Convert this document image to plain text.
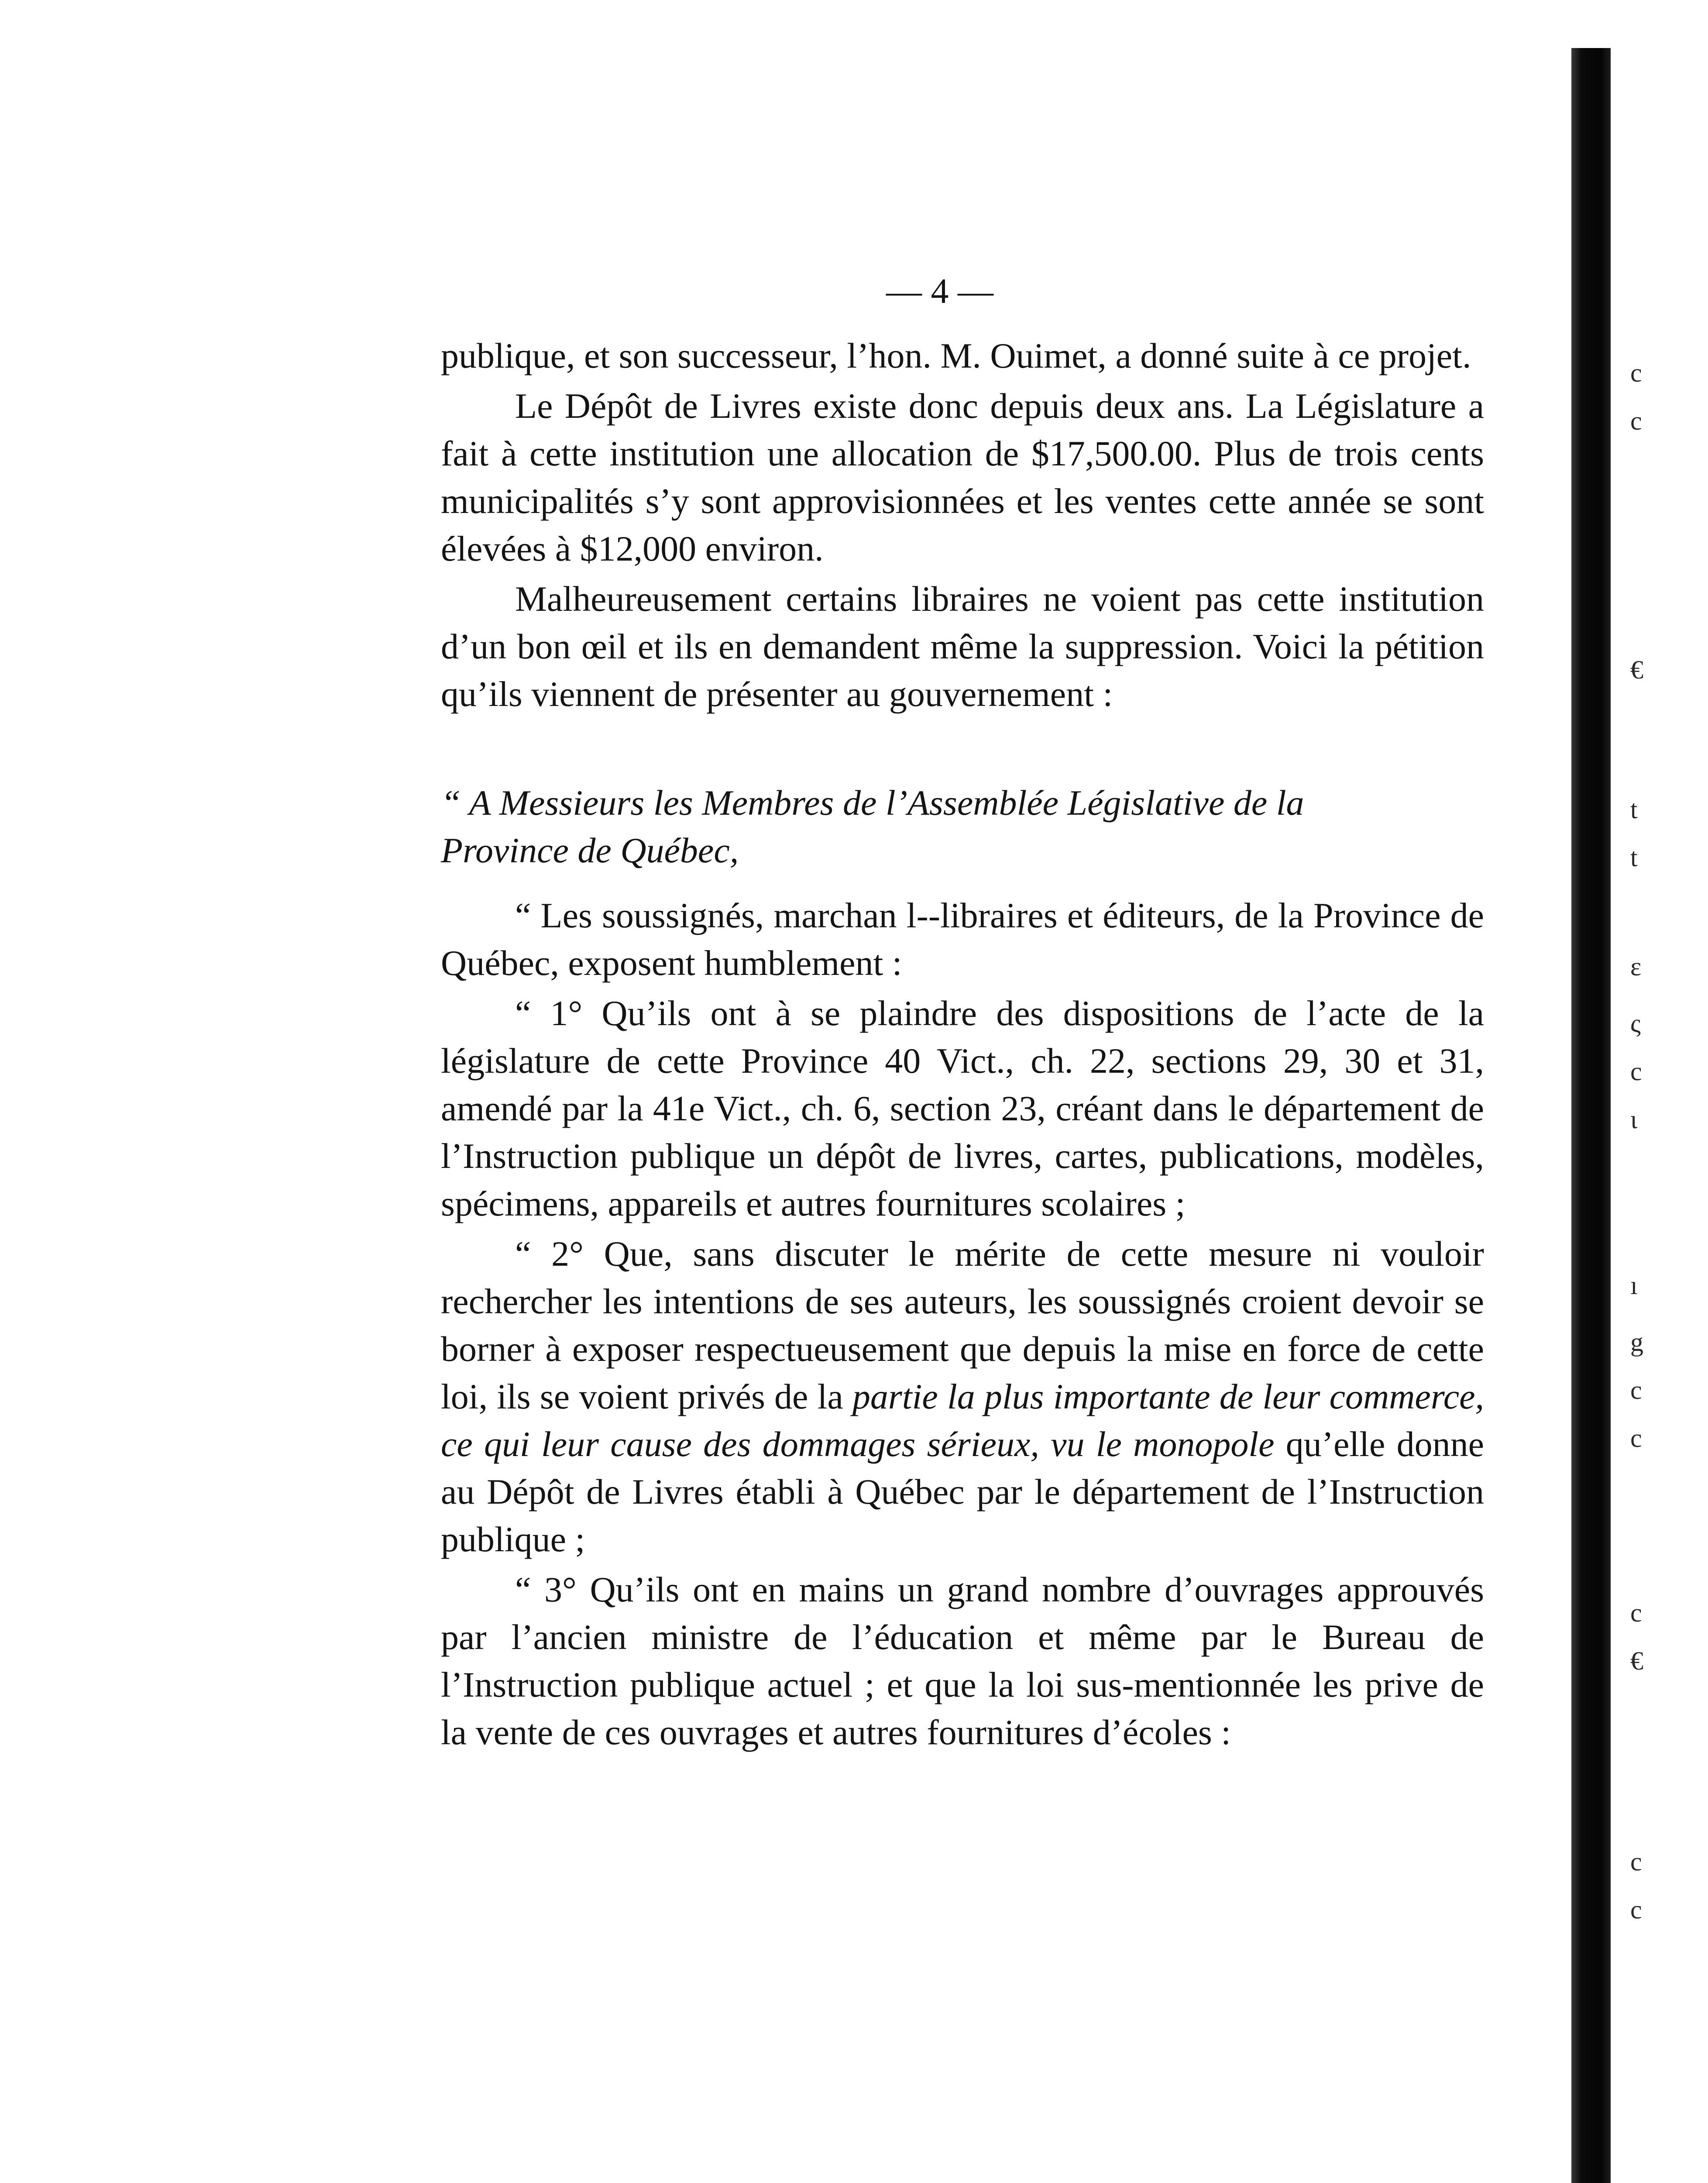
— 4 —

publique, et son successeur, l’hon. M. Ouimet, a donné suite à ce projet.

Le Dépôt de Livres existe donc depuis deux ans. La Législature a fait à cette institution une allocation de $17,500.00. Plus de trois cents municipalités s’y sont approvisionnées et les ventes cette année se sont élevées à $12,000 environ.

Malheureusement certains libraires ne voient pas cette institution d’un bon œil et ils en demandent même la suppression. Voici la pétition qu’ils viennent de présenter au gouvernement :

“ A Messieurs les Membres de l’Assemblée Législative de la
Province de Québec,

“ Les soussignés, marchan l--libraires et éditeurs, de la Province de Québec, exposent humblement :

“ 1° Qu’ils ont à se plaindre des dispositions de l’acte de la législature de cette Province 40 Vict., ch. 22, sections 29, 30 et 31, amendé par la 41e Vict., ch. 6, section 23, créant dans le département de l’Instruction publique un dépôt de livres, cartes, publications, modèles, spécimens, appareils et autres fournitures scolaires ;

“ 2° Que, sans discuter le mérite de cette mesure ni vouloir rechercher les intentions de ses auteurs, les soussignés croient devoir se borner à exposer respectueusement que depuis la mise en force de cette loi, ils se voient privés de la partie la plus importante de leur commerce, ce qui leur cause des dommages sérieux, vu le monopole qu’elle donne au Dépôt de Livres établi à Québec par le département de l’Instruction publique ;

“ 3° Qu’ils ont en mains un grand nombre d’ouvrages approuvés par l’ancien ministre de l’éducation et même par le Bureau de l’Instruction publique actuel ; et que la loi sus-mentionnée les prive de la vente de ces ouvrages et autres fournitures d’écoles :

c
c
€
t
t
ε
ς
c
ι
ı
g
c
c
c
€
c
c
